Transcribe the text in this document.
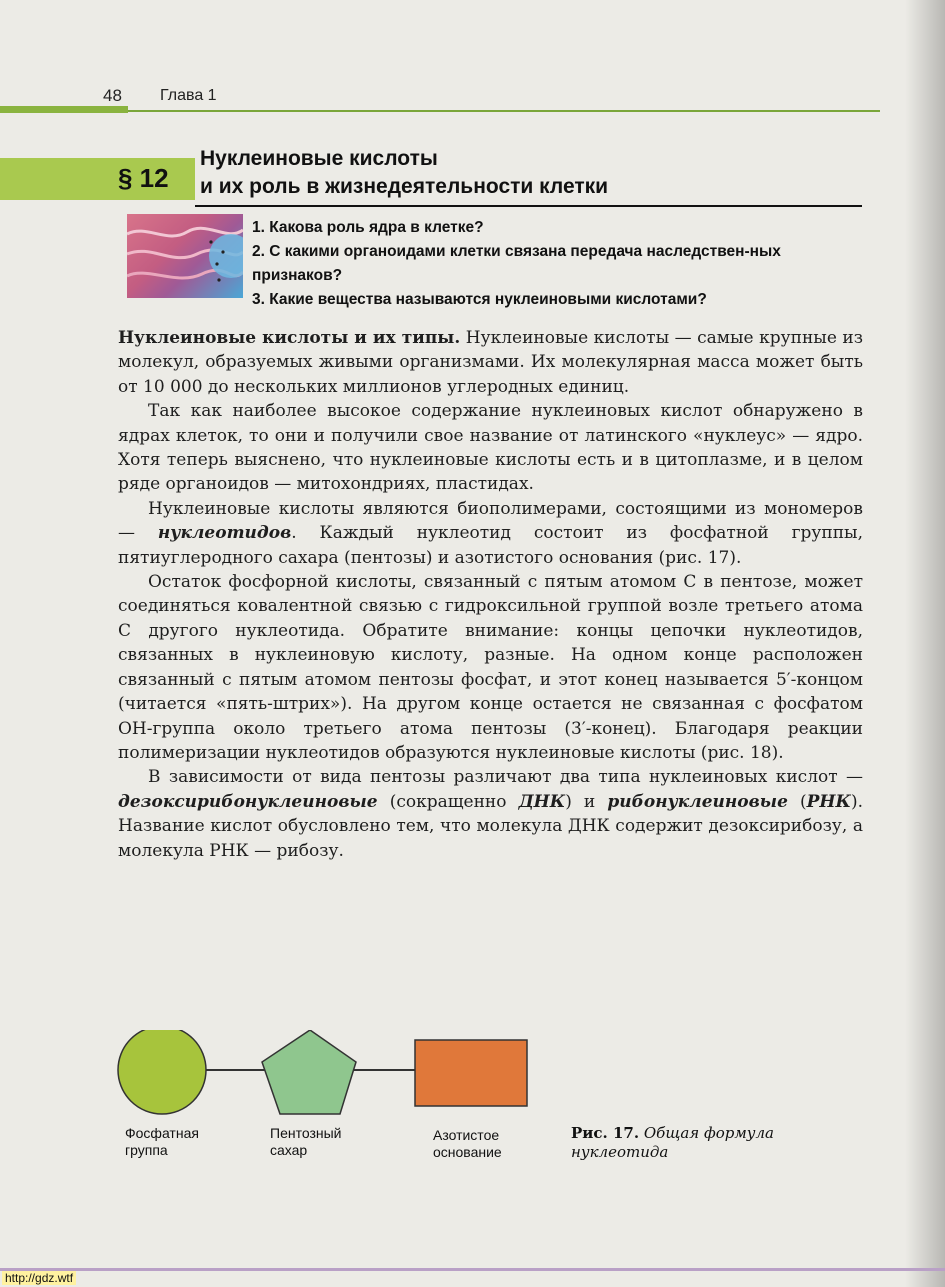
48 Глава 1
§ 12
Нуклеиновые кислоты
и их роль в жизнедеятельности клетки
1. Какова роль ядра в клетке?
2. С какими органоидами клетки связана передача наследствен-ных признаков?
3. Какие вещества называются нуклеиновыми кислотами?

Нуклеиновые кислоты и их типы. Нуклеиновые кислоты — самые крупные из молекул, образуемых живыми организмами. Их молекулярная масса может быть от 10 000 до нескольких миллионов углеродных единиц.

Так как наиболее высокое содержание нуклеиновых кислот обнаружено в ядрах клеток, то они и получили свое название от латинского «нуклеус» — ядро. Хотя теперь выяснено, что нуклеиновые кислоты есть и в цитоплазме, и в целом ряде органоидов — митохондриях, пластидах.

Нуклеиновые кислоты являются биополимерами, состоящими из мономеров — нуклеотидов. Каждый нуклеотид состоит из фосфатной группы, пятиуглеродного сахара (пентозы) и азотистого основания (рис. 17).

Остаток фосфорной кислоты, связанный с пятым атомом С в пентозе, может соединяться ковалентной связью с гидроксильной группой возле третьего атома С другого нуклеотида. Обратите внимание: концы цепочки нуклеотидов, связанных в нуклеиновую кислоту, разные. На одном конце расположен связанный с пятым атомом пентозы фосфат, и этот конец называется 5′-концом (читается «пять-штрих»). На другом конце остается не связанная с фосфатом ОН-группа около третьего атома пентозы (3′-конец). Благодаря реакции полимеризации нуклеотидов образуются нуклеиновые кислоты (рис. 18).

В зависимости от вида пентозы различают два типа нуклеиновых кислот — дезоксирибонуклеиновые (сокращенно ДНК) и рибонуклеиновые (РНК). Название кислот обусловлено тем, что молекула ДНК содержит дезоксирибозу, а молекула РНК — рибозу.

Фосфатная
группа
Пентозный
сахар
Азотистое
основание
Рис. 17. Общая формула нуклеотида
http://gdz.wtf
